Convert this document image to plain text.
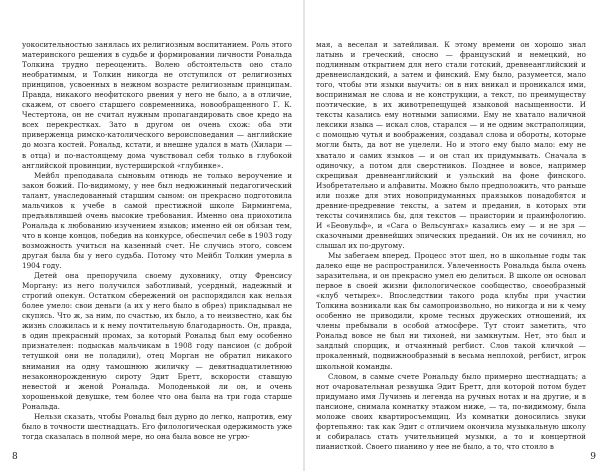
уокосительностью занялась их религиозным воспитанием. Роль этого материнского решения в судьбе и формировании личности Рональда Толкина трудно переоценить. Волею обстоятельств оно стало необратимым, и Толкин никогда не отступился от религиозных принципов, усвоенных в нежном возрасте религиозным принципам. Правда, никакого неофитского рвения у него не было, а в отличие, скажем, от своего старшего современника, новообращенного Г. К. Честертона, он не считал нужным пропагандировать свое кредо на всех перекрестках. Зато в другом он очень схож: оба эти приверженца римско-католического вероисповедания — английские до мозга костей. Рональд, кстати, и внешне удался в мать (Хилари — в отца) и по-настоящему дома чувствовал себя только в глубокой английской провинции, вустерширской «глубинке».

Мейбл преподавала сыновьям отнюдь не только вероучение и закон божий. По-видимому, у нее был недюжинный педагогический талант, унаследованный старшим сыном: он прекрасно подготовила мальчиков к учебе в самой престижной школе Бирмингема, предъявлявшей очень высокие требования. Именно она приохотила Рональда к любованию изучением языков; именно ей он обязан тем, что в конце концов, победив на конкурсе, обеспечил себе в 1903 году возможность учиться на казенный счет. Не случись этого, совсем другая была бы у него судьба. Потому что Мейбл Толкин умерла в 1904 году.

Детей она препоручила своему духовнику, отцу Френсису Моргану: из него получился заботливый, усердный, надежный и строгий опекун. Остатком сбережений он распорядился как нельзя более умело: свои деньги (а их у него было в обрез) прикладывал не скупясь. Что ж, за ним, по счастью, их было, а то неизвестно, как бы жизнь сложилась и к нему почтительную благодарность. Он, правда, в один прекрасный промах, за который Рональд был ему особенно признателен: подыскав мальчикам в 1908 году пансион (с доброй тетушкой они не поладили), отец Морган не обратил никакого внимания на одну тамошнюю жиличку — девятнадцатилетнюю незаконнорожденную сироту Эдит Бретт, вскорости ставшую невестой и женой Рональда. Молоденькой ли он, и очень хорошенькой девушке, тем более что она была на три года старше Рональда.

Нельзя сказать, чтобы Рональд был дурно до легко, напротив, ему было в точности шестнадцать. Его филологическая одержимость уже тогда сказалась в полной мере, но она была вовсе не угрю-

8

мая, а веселая и затейливая. К этому времени он хорошо знал латынь и греческий, сносно — французский и немецкий, но подлинным открытием для него стали готский, древнеанглийский и древнеисландский, а затем и финский. Ему было, разумеется, мало того, чтобы эти языки выучить: он в них вникал и проникался ими, воспринимая не слова и не конструкции, а текст, по преимуществу поэтические, в их животрепещущей языковой насыщенности. И тексты казались ему нотными записями. Ему не хватало наличной лексики языка — искал слов, старался — и не одним экстраполяции, с помощью чутья и воображения, создавал слова и обороты, которые могли быть, да вот не уцелели. Но и этого ему было мало: ему не хватало и самих языков — и он стал их придумывать. Сначала в одиночку, а потом для сверстников. Позднее и вовсе, например скрещивая древнеанглийский и уэльский на фоне финского. Изобретательно и алфавиты. Можно было предположить, что раньше или позже для этих новопридуманных праязыков понадобятся и древние-предревние тексты, а затем и предания, в которых эти тексты сочинялись бы, для текстов — праистории и праинфологию. И «Беовульф», и «Сага о Вельсунгах» казались ему — и не зря — сказочными древнейших эпических преданий. Он их не сочинял, но слышал их по-другому.

Мы забегаем вперед. Процесс этот шел, но в школьные годы так далеко еще не распространился. Увлеченность Рональда была очень заразительна, и он прекрасно умел ею делиться. В школе он основал первое в своей жизни филологическое сообщество, своеобразный «клуб четырех». Впоследствии такого рода клубы при участии Толкина возникали как бы самопроизвольно, но никогда и ни к чему особенно не приводили, кроме тесных дружеских отношений, их члены пребывали в особой атмосфере. Тут стоит заметить, что Рональд вовсе не был ни тихоней, ни замкнутым. Нет, это был и заядлый спорщик, и отчаянный регбист. Слов такой кличкой — прокаленный, подвижнообразный в весьма неплохой, регбист, игрок школьной команды.

Словом, в самые счете Рональду было примерно шестнадцать; а нот очаровательная резвушка Эдит Бретт, для которой потом будет придумано имя Лучиэнь и легенда на ручных нотах и на другие, и в пансионе, снимала комнатку этажом ниже, — та, по-видимому, была моложе своих квартиросъемщиц. Из комнатки доносились звуки фортепьяно: так как Эдит с отличием окончила музыкальную школу и собиралась стать учительницей музыки, а то и концертной пианисткой. Своего пианино у нее не было, а то, что стояло в

9
